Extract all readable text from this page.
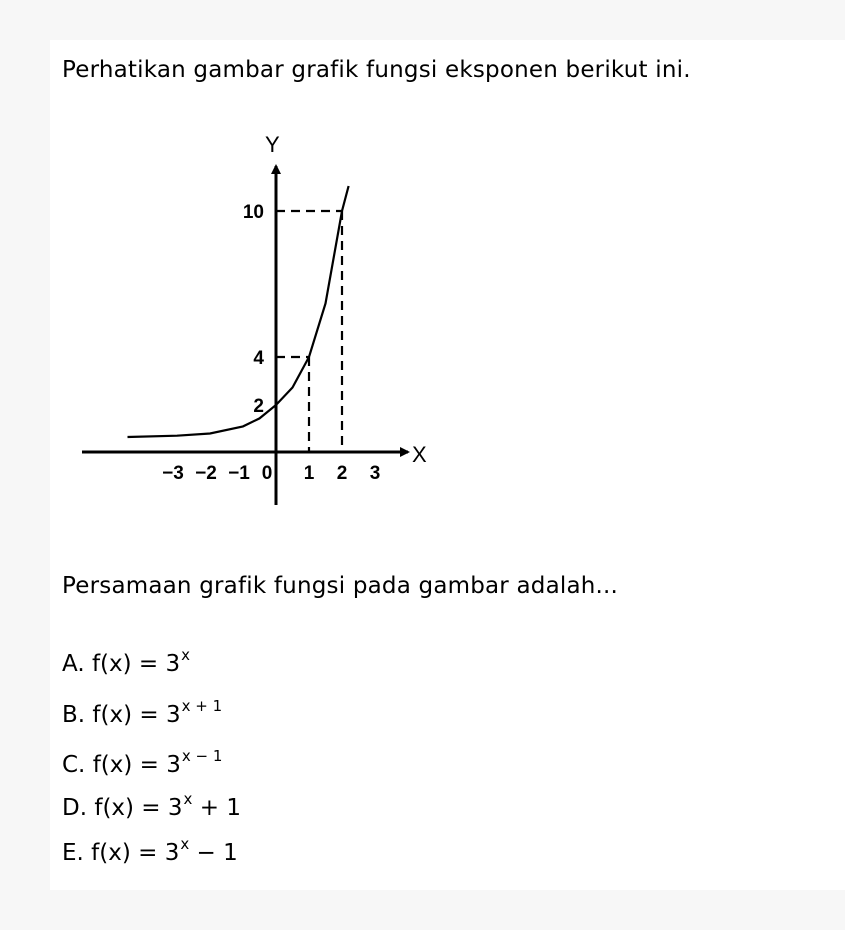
Perhatikan gambar grafik fungsi eksponen berikut ini.
X
Y
−3 −2 −1 0 1 2 3
2
4
10
Persamaan grafik fungsi pada gambar adalah...
A. $f(x) = 3^x$
B. $f(x) = 3^{x + 1}$
C. $f(x) = 3^{x - 1}$
D. $f(x) = 3^x + 1$
E. $f(x) = 3^x - 1$
